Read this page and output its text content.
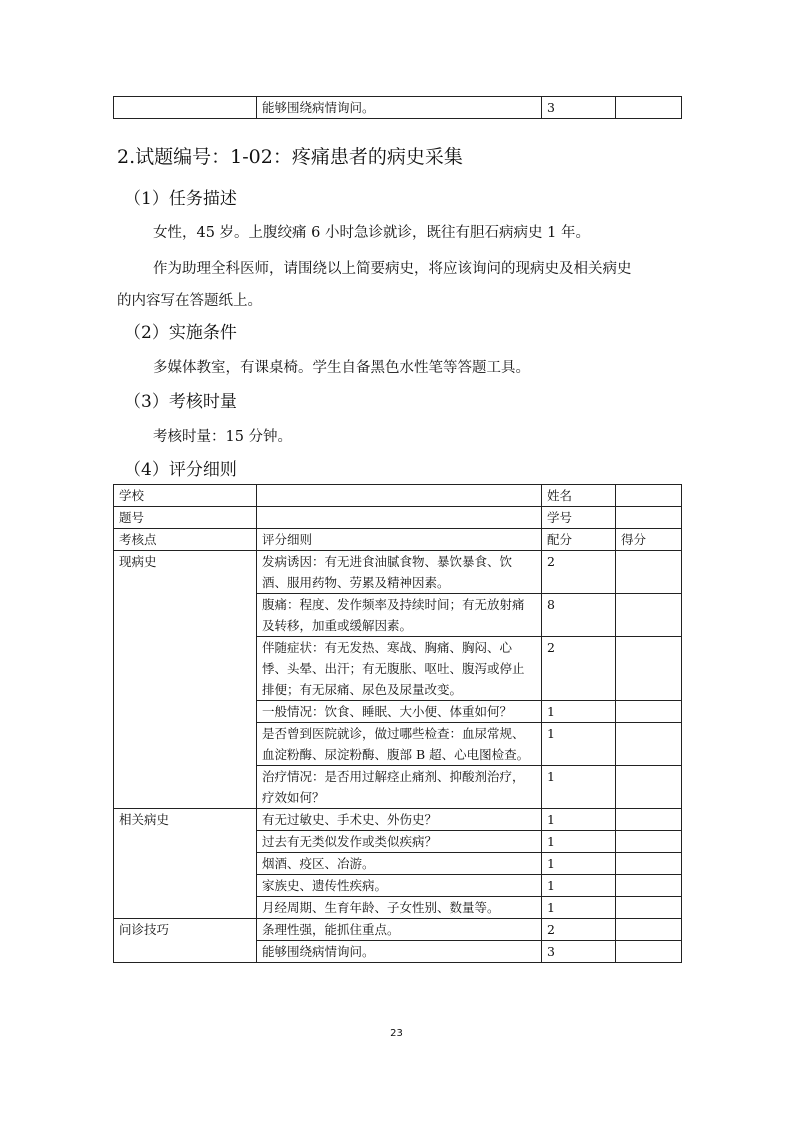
	能够围绕病情询问。	3	
2.试题编号：1-02：疼痛患者的病史采集
（1）任务描述
女性，45 岁。上腹绞痛 6 小时急诊就诊，既往有胆石病病史 1 年。
作为助理全科医师，请围绕以上简要病史，将应该询问的现病史及相关病史
的内容写在答题纸上。
（2）实施条件
多媒体教室，有课桌椅。学生自备黑色水性笔等答题工具。
（3）考核时量
考核时量：15 分钟。
（4）评分细则
学校		姓名	
题号		学号	
考核点	评分细则	配分	得分
现病史	发病诱因：有无进食油腻食物、暴饮暴食、饮酒、服用药物、劳累及精神因素。	2	
	腹痛：程度、发作频率及持续时间；有无放射痛及转移，加重或缓解因素。	8	
	伴随症状：有无发热、寒战、胸痛、胸闷、心悸、头晕、出汗；有无腹胀、呕吐、腹泻或停止排便；有无尿痛、尿色及尿量改变。	2	
	一般情况：饮食、睡眠、大小便、体重如何？	1	
	是否曾到医院就诊，做过哪些检查：血尿常规、血淀粉酶、尿淀粉酶、腹部 B 超、心电图检查。	1	
	治疗情况：是否用过解痉止痛剂、抑酸剂治疗，疗效如何？	1	
相关病史	有无过敏史、手术史、外伤史？	1	
	过去有无类似发作或类似疾病？	1	
	烟酒、疫区、冶游。	1	
	家族史、遗传性疾病。	1	
	月经周期、生育年龄、子女性别、数量等。	1	
问诊技巧	条理性强，能抓住重点。	2	
	能够围绕病情询问。	3	
23
